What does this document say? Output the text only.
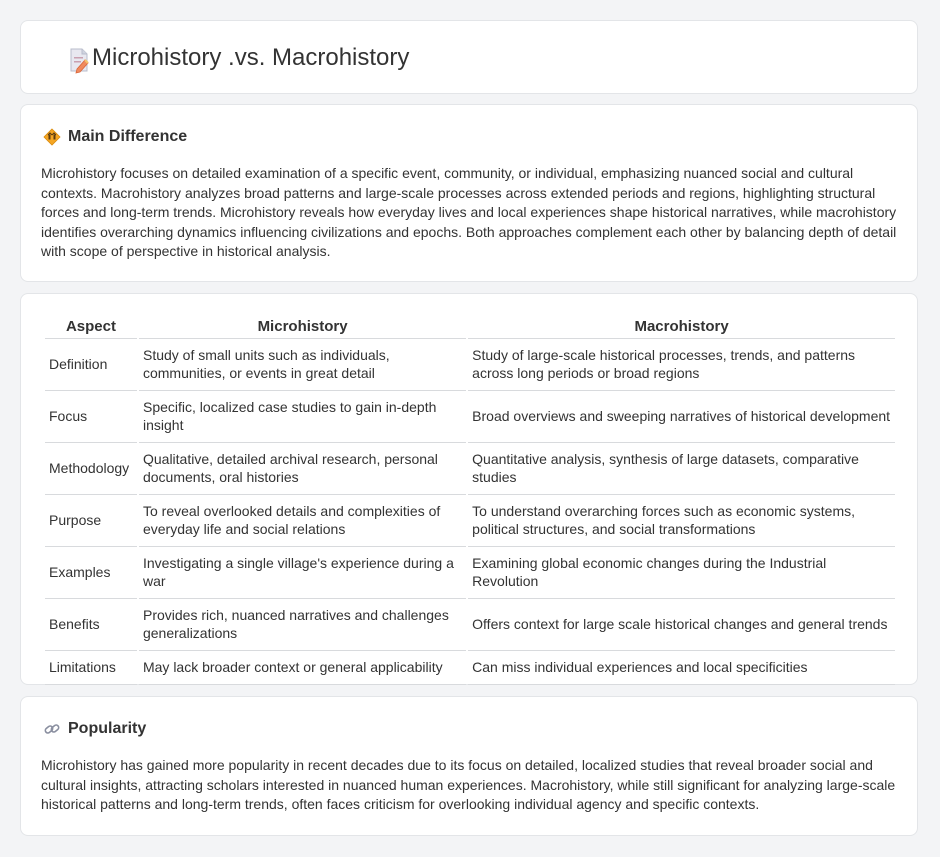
Microhistory .vs. Macrohistory
Main Difference

Microhistory focuses on detailed examination of a specific event, community, or individual, emphasizing nuanced social and cultural contexts. Macrohistory analyzes broad patterns and large-scale processes across extended periods and regions, highlighting structural forces and long-term trends. Microhistory reveals how everyday lives and local experiences shape historical narratives, while macrohistory identifies overarching dynamics influencing civilizations and epochs. Both approaches complement each other by balancing depth of detail with scope of perspective in historical analysis.

Aspect	Microhistory	Macrohistory
Definition	Study of small units such as individuals, communities, or events in great detail	Study of large-scale historical processes, trends, and patterns across long periods or broad regions
Focus	Specific, localized case studies to gain in-depth insight	Broad overviews and sweeping narratives of historical development
Methodology	Qualitative, detailed archival research, personal documents, oral histories	Quantitative analysis, synthesis of large datasets, comparative studies
Purpose	To reveal overlooked details and complexities of everyday life and social relations	To understand overarching forces such as economic systems, political structures, and social transformations
Examples	Investigating a single village's experience during a war	Examining global economic changes during the Industrial Revolution
Benefits	Provides rich, nuanced narratives and challenges generalizations	Offers context for large scale historical changes and general trends
Limitations	May lack broader context or general applicability	Can miss individual experiences and local specificities
Popularity

Microhistory has gained more popularity in recent decades due to its focus on detailed, localized studies that reveal broader social and cultural insights, attracting scholars interested in nuanced human experiences. Macrohistory, while still significant for analyzing large-scale historical patterns and long-term trends, often faces criticism for overlooking individual agency and specific contexts.
